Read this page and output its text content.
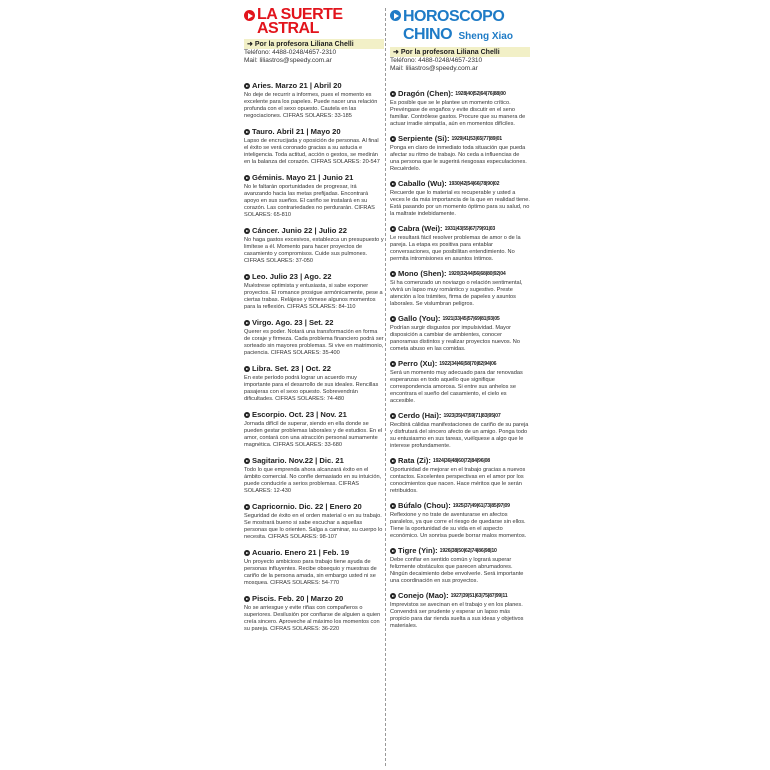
LA SUERTE ASTRAL
➜ Por la profesora Liliana Chelli
Teléfono: 4488-0248/4657-2310
Mail: liliastros@speedy.com.ar
Aries. Marzo 21 | Abril 20
No deje de recurrir a informes, pues el momento es excelente para los papeles. Puede nacer una relación profunda con el sexo opuesto. Cautela en las negociaciones. CIFRAS SOLARES: 33-185
Tauro. Abril 21 | Mayo 20
Lapso de encrucijada y oposición de personas. Al final el éxito se verá coronado gracias a su astucia e inteligencia. Toda actitud, acción o gestos, se medirán en la balanza del corazón. CIFRAS SOLARES: 20-547
Géminis. Mayo 21 | Junio 21
No le faltarán oportunidades de progresar, irá avanzando hacia las metas prefijadas. Encontrará apoyo en sus sueños. El cariño se instalará en su corazón. Las contrariedades no perdurarán. CIFRAS SOLARES: 65-810
Cáncer. Junio 22 | Julio 22
No haga gastos excesivos, establezca un presupuesto y limítese a él. Momento para hacer proyectos de casamiento y compromisos. Cuide sus pulmones. CIFRAS SOLARES: 37-050
Leo. Julio 23 | Ago. 22
Muéstrese optimista y entusiasta, si sabe exponer proyectos. El romance prosigue armónicamente, pese a ciertas trabas. Relájese y tómese algunos momentos para la reflexión. CIFRAS SOLARES: 84-110
Virgo. Ago. 23 | Set. 22
Querer es poder. Notará una transformación en forma de coraje y firmeza. Cada problema financiero podrá ser sorteado sin mayores problemas. Si vive en matrimonio, paciencia. CIFRAS SOLARES: 35-400
Libra. Set. 23 | Oct. 22
En este período podrá lograr un acuerdo muy importante para el desarrollo de sus ideales. Rencillas pasajeras con el sexo opuesto. Sobrevendrán dificultades. CIFRAS SOLARES: 74-480
Escorpio. Oct. 23 | Nov. 21
Jornada difícil de superar, siendo en ella donde se pueden gestar problemas laborales y de estudios. En el amor, contará con una atracción personal sumamente magnética. CIFRAS SOLARES: 33-680
Sagitario. Nov.22 | Dic. 21
Todo lo que emprenda ahora alcanzará éxito en el ámbito comercial. No confíe demasiado en su intuición, puede conducirle a serios problemas. CIFRAS SOLARES: 12-430
Capricornio. Dic. 22 | Enero 20
Seguridad de éxito en el orden material o en su trabajo. Se mostrará bueno si sabe escuchar a aquellas personas que lo orienten. Salga a caminar, su cuerpo lo necesita. CIFRAS SOLARES: 98-107
Acuario. Enero 21 | Feb. 19
Un proyecto ambicioso para trabajo tiene ayuda de personas influyentes. Recibe obsequio y muestras de cariño de la persona amada, sin embargo usted ni se mosquea. CIFRAS SOLARES: 54-770
Piscis. Feb. 20 | Marzo 20
No se arriesgue y evite riñas con compañeros o superiores. Desilusión por confiarse de alguien a quien creía sincero. Aproveche al máximo los momentos con su pareja. CIFRAS SOLARES: 36-220
HOROSCOPO CHINO Sheng Xiao
➜ Por la profesora Liliana Chelli
Teléfono: 4488-0248/4657-2310
Mail: liliastros@speedy.com.ar
Dragón (Chen): 1928|40|52|64|76|88|00
Es posible que se le plantee un momento crítico. Prevéngase de engaños y evite discutir en el seno familiar. Contrólese gastos. Procure que su manera de actuar irradie simpatía, aún en momentos difíciles.
Serpiente (Si): 1929|41|53|65|77|89|01
Ponga en claro de inmediato toda situación que pueda afectar su ritmo de trabajo. No ceda a influencias de una persona que le sugerirá riesgosas especulaciones. Recuérdelo.
Caballo (Wu): 1930|42|54|66|78|90|02
Recuerde que lo material es recuperable y usted a veces le da más importancia de la que en realidad tiene. Está pasando por un momento óptimo para su salud, no la maltrate indebidamente.
Cabra (Wei): 1931|43|55|67|79|91|03
Le resultará fácil resolver problemas de amor o de la pareja. La etapa es positiva para entablar conversaciones, que posibilitan entendimiento. No permita intromisiones en asuntos íntimos.
Mono (Shen): 1920|32|44|56|68|80|92|04
Si ha comenzado un noviazgo o relación sentimental, vivirá un lapso muy romántico y sugestivo. Preste atención a los trámites, firma de papeles y asuntos laborales. Se vislumbran peligros.
Gallo (You): 1921|33|45|57|69|81|93|05
Podrían surgir disgustos por impulsividad. Mayor disposición a cambiar de ambientes, conocer panoramas distintos y realizar proyectos nuevos. No cometa abuso en las comidas.
Perro (Xu): 1922|34|46|58|70|82|94|06
Será un momento muy adecuado para dar renovadas esperanzas en todo aquello que signifique correspondencia amorosa. Si entre sus anhelos se encontrara el sueño del casamiento, el cielo es accesible.
Cerdo (Hai): 1923|35|47|59|71|83|95|07
Recibirá cálidas manifestaciones de cariño de su pareja y disfrutará del sincero afecto de un amigo. Ponga todo su entusiasmo en sus tareas, vuélquese a algo que le interese profundamente.
Rata (Zi): 1924|36|48|60|72|84|96|08
Oportunidad de mejorar en el trabajo gracias a nuevos contactos. Excelentes perspectivas en el amor por los conocimientos que nacen. Hace méritos que le serán retribuidos.
Búfalo (Chou): 1925|37|49|61|73|85|97|09
Reflexione y no trate de aventurarse en afectos paralelos, ya que corre el riesgo de quedarse sin ellos. Tiene la oportunidad de su vida en el aspecto económico. Un sonrisa puede borrar malos momentos.
Tigre (Yin): 1926|38|50|62|74|86|98|10
Debe confiar en sentido común y logrará superar felizmente obstáculos que parecen abrumadores. Ningún decaimiento debe envolverle. Será importante una coordinación en sus proyectos.
Conejo (Mao): 1927|39|51|63|75|87|99|11
Imprevistos se avecinan en el trabajo y en los planes. Convendrá ser prudente y esperar un lapso más propicio para dar rienda suelta a sus ideas y objetivos materiales.
